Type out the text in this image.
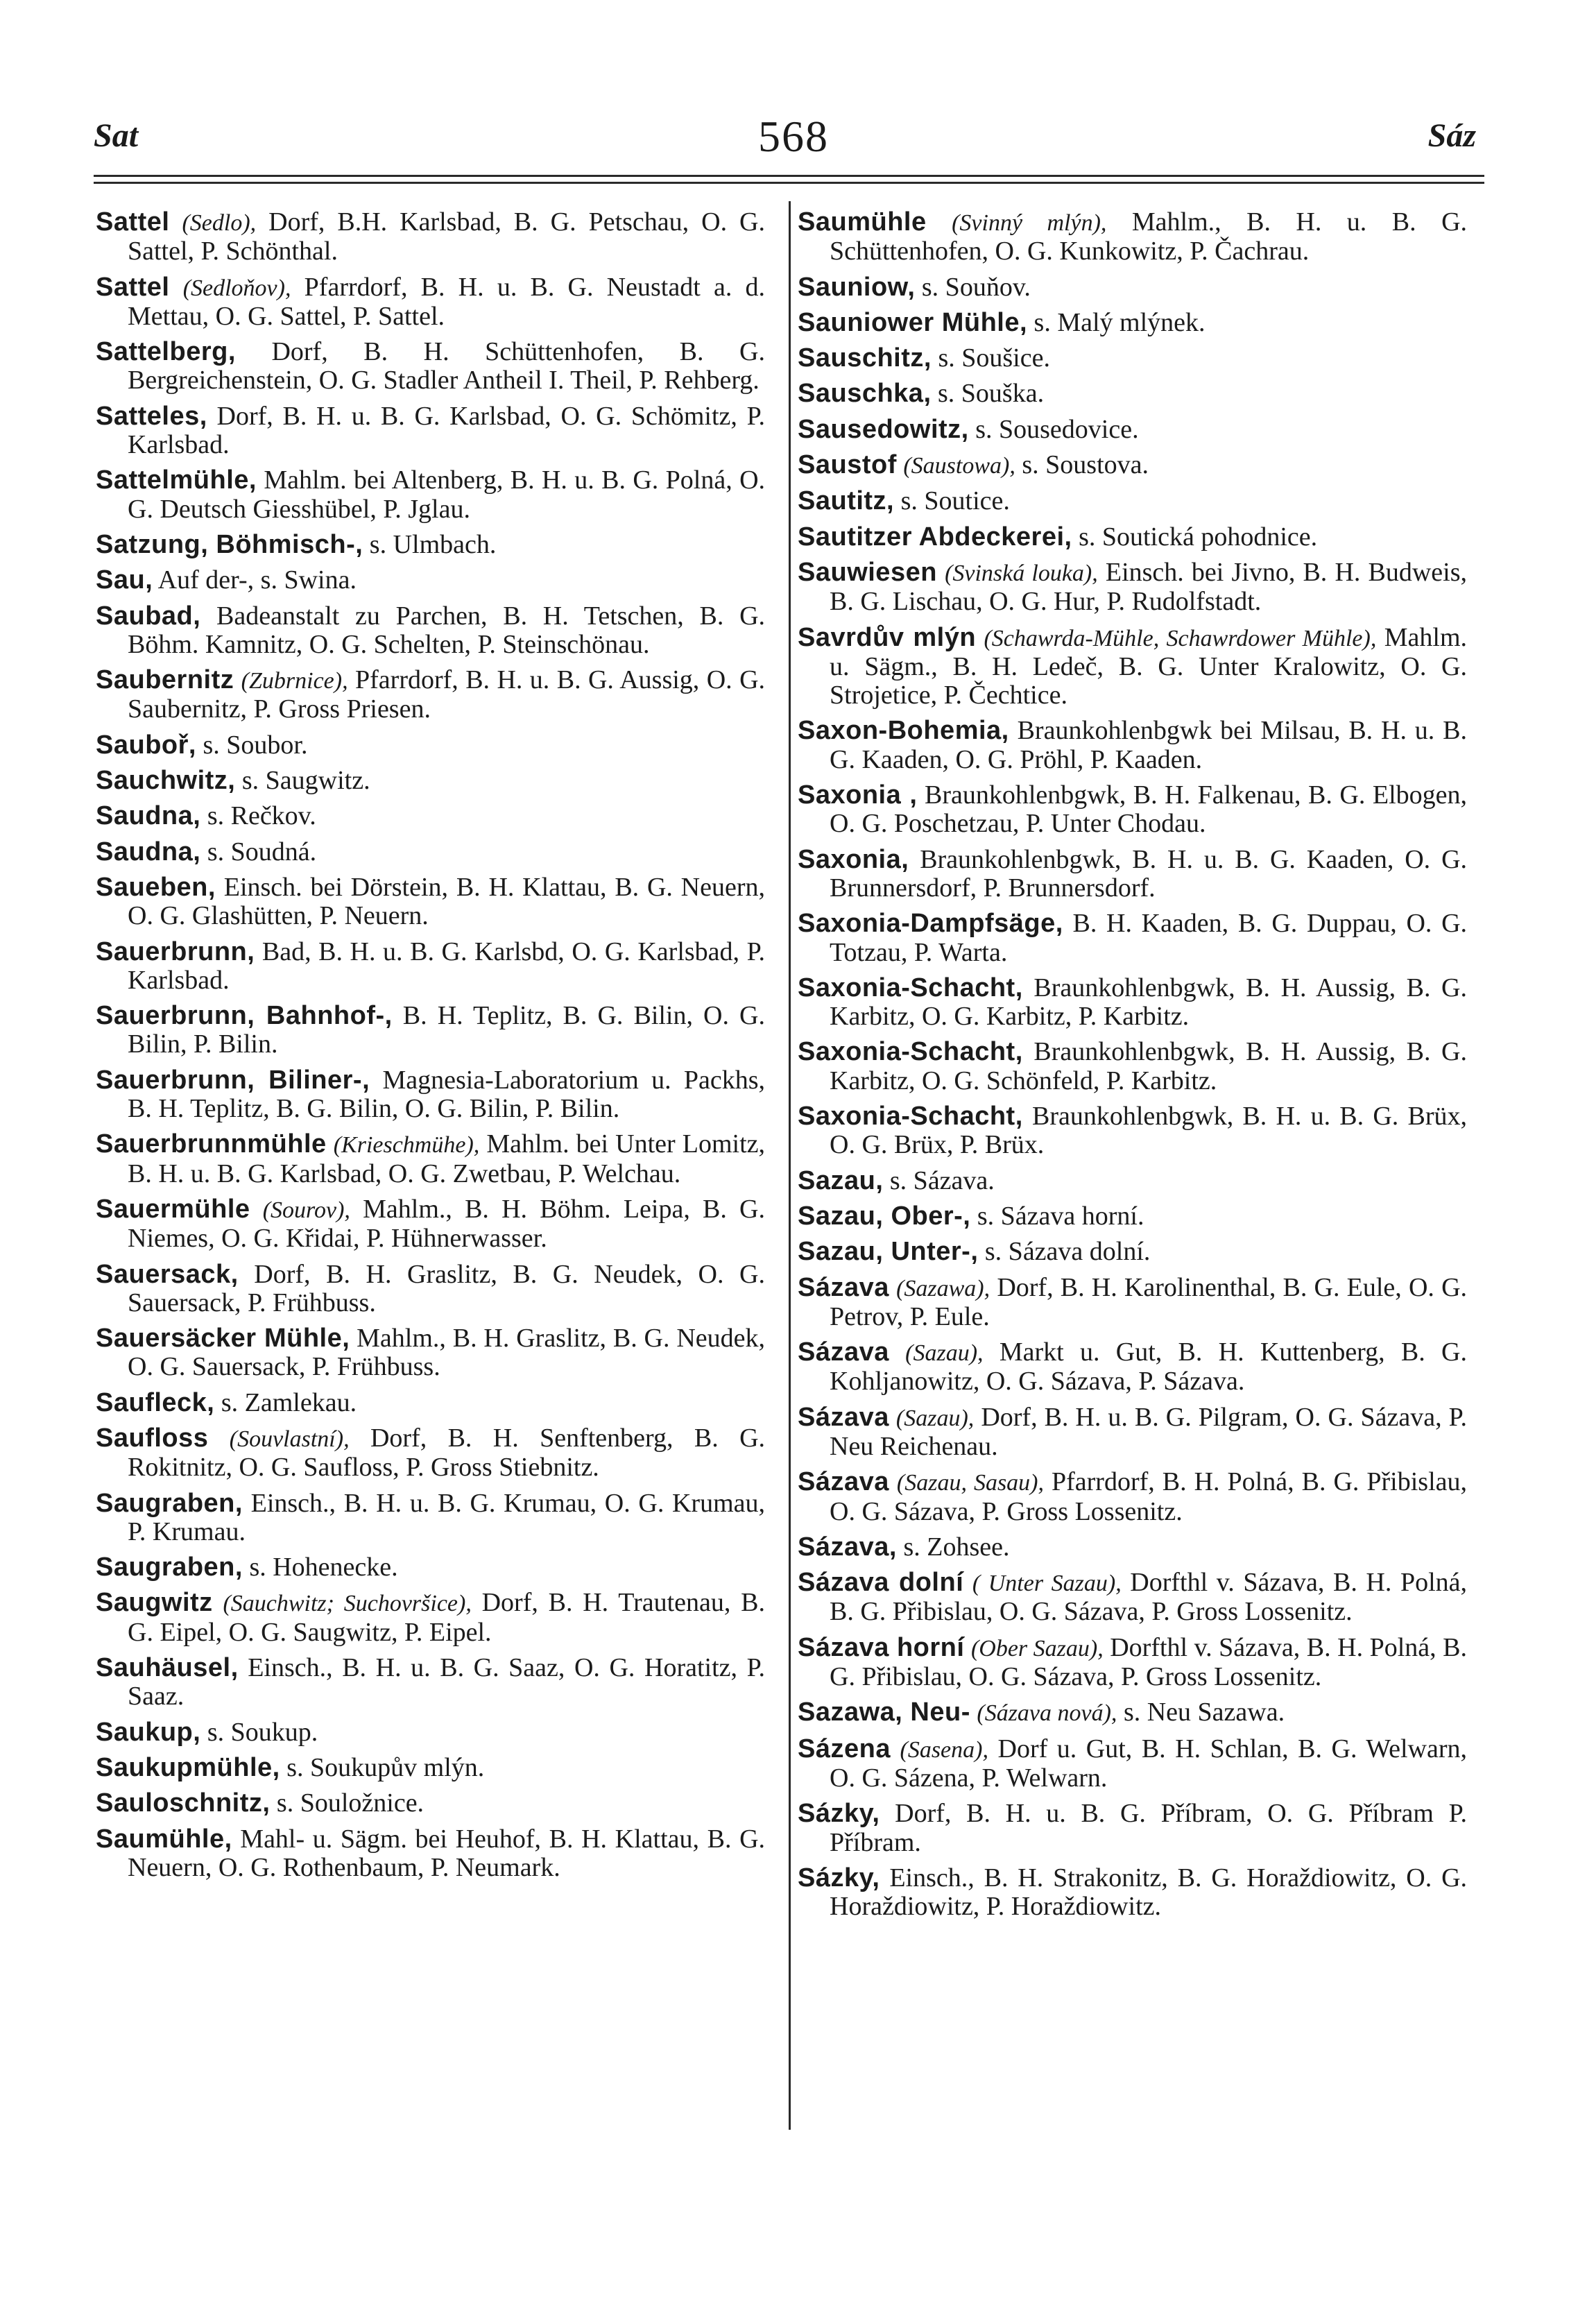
Sat	568	Sáz
Sattel (Sedlo), Dorf, B.H. Karlsbad, B. G. Petschau, O. G. Sattel, P. Schönthal.
Sattel (Sedloňov), Pfarrdorf, B. H. u. B. G. Neustadt a. d. Mettau, O. G. Sattel, P. Sattel.
Sattelberg, Dorf, B. H. Schüttenhofen, B. G. Bergreichenstein, O. G. Stadler Antheil I. Theil, P. Rehberg.
Satteles, Dorf, B. H. u. B. G. Karlsbad, O. G. Schömitz, P. Karlsbad.
Sattelmühle, Mahlm. bei Altenberg, B. H. u. B. G. Polná, O. G. Deutsch Giesshübel, P. Jglau.
Satzung, Böhmisch-, s. Ulmbach.
Sau, Auf der-, s. Swina.
Saubad, Badeanstalt zu Parchen, B. H. Tetschen, B. G. Böhm. Kamnitz, O. G. Schelten, P. Steinschönau.
Saubernitz (Zubrnice), Pfarrdorf, B. H. u. B. G. Aussig, O. G. Saubernitz, P. Gross Priesen.
Sauboř, s. Soubor.
Sauchwitz, s. Saugwitz.
Saudna, s. Rečkov.
Saudna, s. Soudná.
Saueben, Einsch. bei Dörstein, B. H. Klattau, B. G. Neuern, O. G. Glashütten, P. Neuern.
Sauerbrunn, Bad, B. H. u. B. G. Karlsbd, O. G. Karlsbad, P. Karlsbad.
Sauerbrunn, Bahnhof-, B. H. Teplitz, B. G. Bilin, O. G. Bilin, P. Bilin.
Sauerbrunn, Biliner-, Magnesia-Laboratorium u. Packhs, B. H. Teplitz, B. G. Bilin, O. G. Bilin, P. Bilin.
Sauerbrunnmühle (Krieschmühe), Mahlm. bei Unter Lomitz, B. H. u. B. G. Karlsbad, O. G. Zwetbau, P. Welchau.
Sauermühle (Sourov), Mahlm., B. H. Böhm. Leipa, B. G. Niemes, O. G. Křidai, P. Hühnerwasser.
Sauersack, Dorf, B. H. Graslitz, B. G. Neudek, O. G. Sauersack, P. Frühbuss.
Sauersäcker Mühle, Mahlm., B. H. Graslitz, B. G. Neudek, O. G. Sauersack, P. Frühbuss.
Saufleck, s. Zamlekau.
Saufloss (Souvlastní), Dorf, B. H. Senftenberg, B. G. Rokitnitz, O. G. Saufloss, P. Gross Stiebnitz.
Saugraben, Einsch., B. H. u. B. G. Krumau, O. G. Krumau, P. Krumau.
Saugraben, s. Hohenecke.
Saugwitz (Sauchwitz; Suchovršice), Dorf, B. H. Trautenau, B. G. Eipel, O. G. Saugwitz, P. Eipel.
Sauhäusel, Einsch., B. H. u. B. G. Saaz, O. G. Horatitz, P. Saaz.
Saukup, s. Soukup.
Saukupmühle, s. Soukupův mlýn.
Sauloschnitz, s. Souložnice.
Saumühle, Mahl- u. Sägm. bei Heuhof, B. H. Klattau, B. G. Neuern, O. G. Rothenbaum, P. Neumark.
Saumühle (Svinný mlýn), Mahlm., B. H. u. B. G. Schüttenhofen, O. G. Kunkowitz, P. Čachrau.
Sauniow, s. Souňov.
Sauniower Mühle, s. Malý mlýnek.
Sauschitz, s. Soušice.
Sauschka, s. Souška.
Sausedowitz, s. Sousedovice.
Saustof (Saustowa), s. Soustova.
Sautitz, s. Soutice.
Sautitzer Abdeckerei, s. Soutická pohodnice.
Sauwiesen (Svinská louka), Einsch. bei Jivno, B. H. Budweis, B. G. Lischau, O. G. Hur, P. Rudolfstadt.
Savrdův mlýn (Schawrda-Mühle, Schawrdower Mühle), Mahlm. u. Sägm., B. H. Ledeč, B. G. Unter Kralowitz, O. G. Strojetice, P. Čechtice.
Saxon-Bohemia, Braunkohlenbgwk bei Milsau, B. H. u. B. G. Kaaden, O. G. Pröhl, P. Kaaden.
Saxonia , Braunkohlenbgwk, B. H. Falkenau, B. G. Elbogen, O. G. Poschetzau, P. Unter Chodau.
Saxonia, Braunkohlenbgwk, B. H. u. B. G. Kaaden, O. G. Brunnersdorf, P. Brunnersdorf.
Saxonia-Dampfsäge, B. H. Kaaden, B. G. Duppau, O. G. Totzau, P. Warta.
Saxonia-Schacht, Braunkohlenbgwk, B. H. Aussig, B. G. Karbitz, O. G. Karbitz, P. Karbitz.
Saxonia-Schacht, Braunkohlenbgwk, B. H. Aussig, B. G. Karbitz, O. G. Schönfeld, P. Karbitz.
Saxonia-Schacht, Braunkohlenbgwk, B. H. u. B. G. Brüx, O. G. Brüx, P. Brüx.
Sazau, s. Sázava.
Sazau, Ober-, s. Sázava horní.
Sazau, Unter-, s. Sázava dolní.
Sázava (Sazawa), Dorf, B. H. Karolinenthal, B. G. Eule, O. G. Petrov, P. Eule.
Sázava (Sazau), Markt u. Gut, B. H. Kuttenberg, B. G. Kohljanowitz, O. G. Sázava, P. Sázava.
Sázava (Sazau), Dorf, B. H. u. B. G. Pilgram, O. G. Sázava, P. Neu Reichenau.
Sázava (Sazau, Sasau), Pfarrdorf, B. H. Polná, B. G. Přibislau, O. G. Sázava, P. Gross Lossenitz.
Sázava, s. Zohsee.
Sázava dolní ( Unter Sazau), Dorfthl v. Sázava, B. H. Polná, B. G. Přibislau, O. G. Sázava, P. Gross Lossenitz.
Sázava horní (Ober Sazau), Dorfthl v. Sázava, B. H. Polná, B. G. Přibislau, O. G. Sázava, P. Gross Lossenitz.
Sazawa, Neu- (Sázava nová), s. Neu Sazawa.
Sázena (Sasena), Dorf u. Gut, B. H. Schlan, B. G. Welwarn, O. G. Sázena, P. Welwarn.
Sázky, Dorf, B. H. u. B. G. Příbram, O. G. Příbram P. Příbram.
Sázky, Einsch., B. H. Strakonitz, B. G. Horaždiowitz, O. G. Horaždiowitz, P. Horaždiowitz.
